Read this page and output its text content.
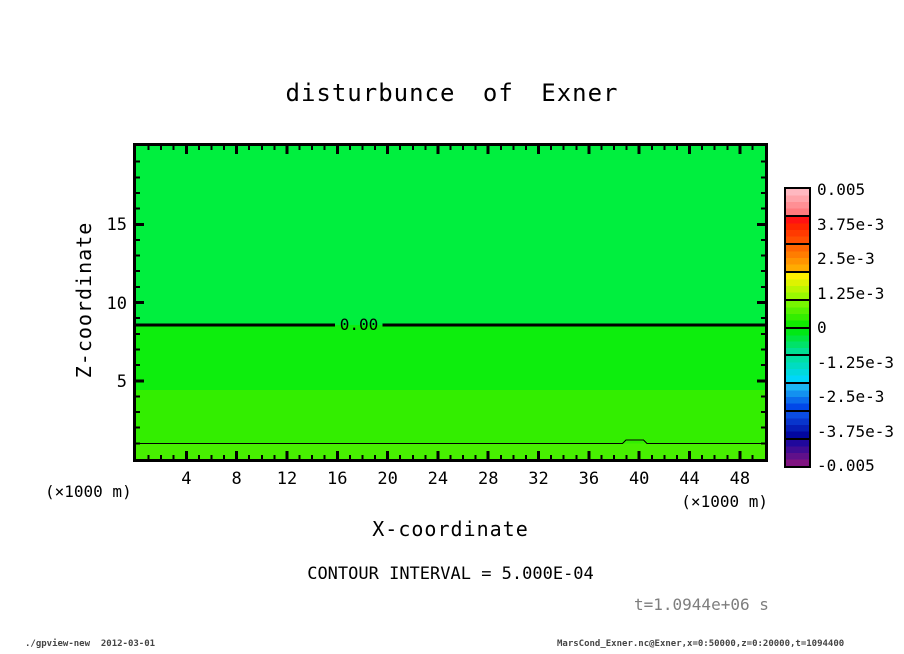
disturbunce of Exner
0.00
4	8	12	16	20	24	28	32	36	40	44	48
5
10
15
(×1000 m)
(×1000 m)
Z-coordinate
X-coordinate
CONTOUR INTERVAL = 5.000E-04
t=1.0944e+06 s
0.005
3.75e-3
2.5e-3
1.25e-3
0
-1.25e-3
-2.5e-3
-3.75e-3
-0.005
./gpview-new  2012-03-01	MarsCond_Exner.nc@Exner,x=0:50000,z=0:20000,t=1094400
